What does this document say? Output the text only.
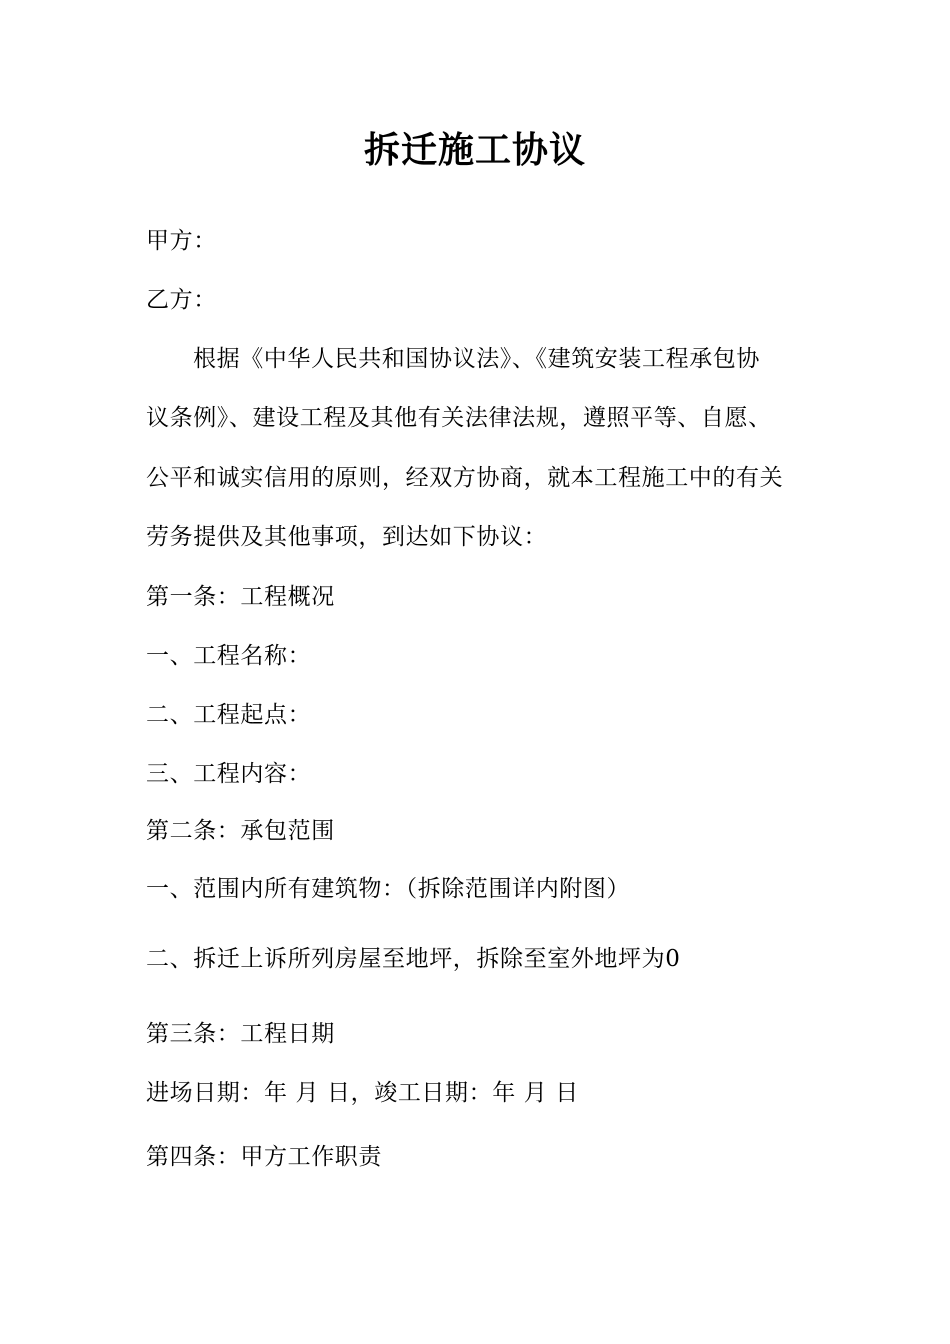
拆迁施工协议
甲方：
乙方：
根据《中华人民共和国协议法》、《建筑安装工程承包协
议条例》、建设工程及其他有关法律法规，遵照平等、自愿、
公平和诚实信用的原则，经双方协商，就本工程施工中的有关
劳务提供及其他事项，到达如下协议：
第一条：工程概况
一、工程名称：
二、工程起点：
三、工程内容：
第二条：承包范围
一、范围内所有建筑物：（拆除范围详内附图）
二、拆迁上诉所列房屋至地坪，拆除至室外地坪为0
第三条：工程日期
进场日期：年 月 日，竣工日期：年 月 日
第四条：甲方工作职责
